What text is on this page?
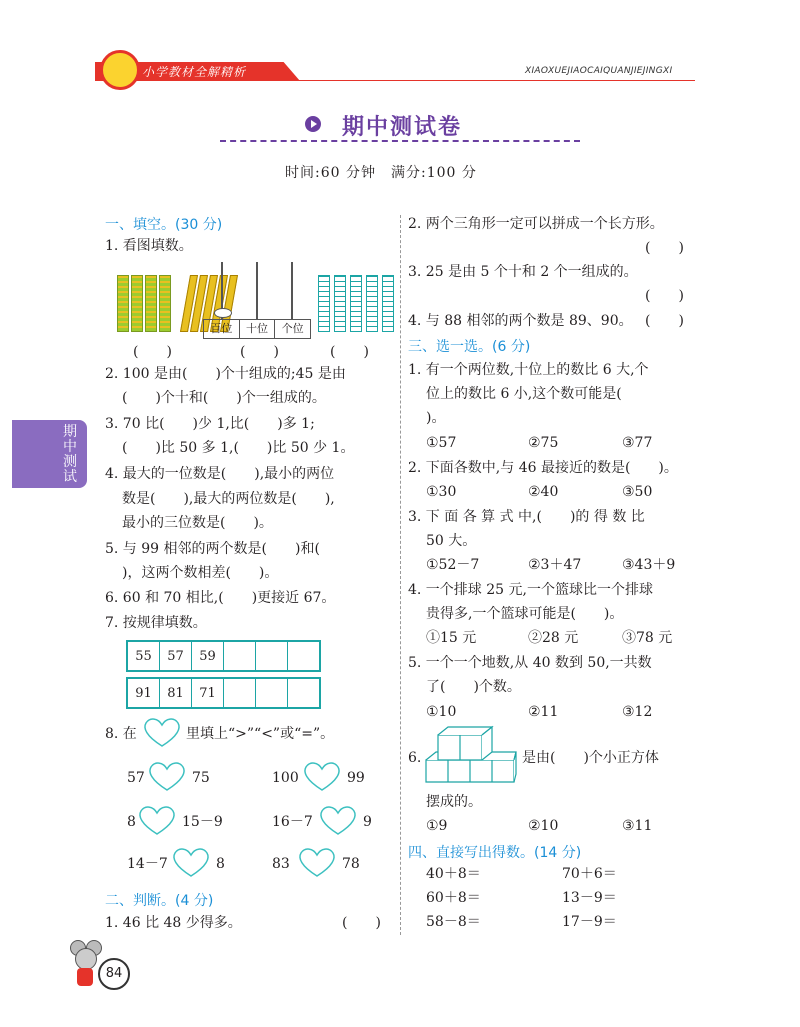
小学教材全解精析	XIAOXUEJIAOCAIQUANJIEJINGXI
期中测试卷
时间:60 分钟　满分:100 分
期中测试
一、填空。(30 分)
1. 看图填数。
百位	十位	个位
(　　)	(　　)	(　　)
2. 100 是由(　　)个十组成的;45 是由
(　　)个十和(　　)个一组成的。
3. 70 比(　　)少 1,比(　　)多 1;
(　　)比 50 多 1,(　　)比 50 少 1。
4. 最大的一位数是(　　),最小的两位
数是(　　),最大的两位数是(　　),
最小的三位数是(　　)。
5. 与 99 相邻的两个数是(　　)和(
)，这两个数相差(　　)。
6. 60 和 70 相比,(　　)更接近 67。
7. 按规律填数。
55	57	59			
91	81	71			
8. 在	里填上“>”“<”或“=”。
57	75	100	99
8	15－9	16－7	9
14－7	8	83	78
二、判断。(4 分)
1. 46 比 48 少得多。	(　　)
84
2. 两个三角形一定可以拼成一个长方形。
(　　)
3. 25 是由 5 个十和 2 个一组成的。
(　　)
4. 与 88 相邻的两个数是 89、90。 (　　)
三、选一选。(6 分)
1. 有一个两位数,十位上的数比 6 大,个
位上的数比 6 小,这个数可能是(
)。
①57	②75	③77
2. 下面各数中,与 46 最接近的数是(　　)。
①30	②40	③50
3. 下 面 各 算 式 中,(　　)的 得 数 比
50 大。
①52－7	②3＋47	③43＋9
4. 一个排球 25 元,一个篮球比一个排球
贵得多,一个篮球可能是(　　)。
①15 元	②28 元	③78 元
5. 一个一个地数,从 40 数到 50,一共数
了(　　)个数。
①10	②11	③12
6.	是由(　　)个小正方体
摆成的。
①9	②10	③11
四、直接写出得数。(14 分)
40＋8＝	70＋6＝
60＋8＝	13－9＝
58－8＝	17－9＝
